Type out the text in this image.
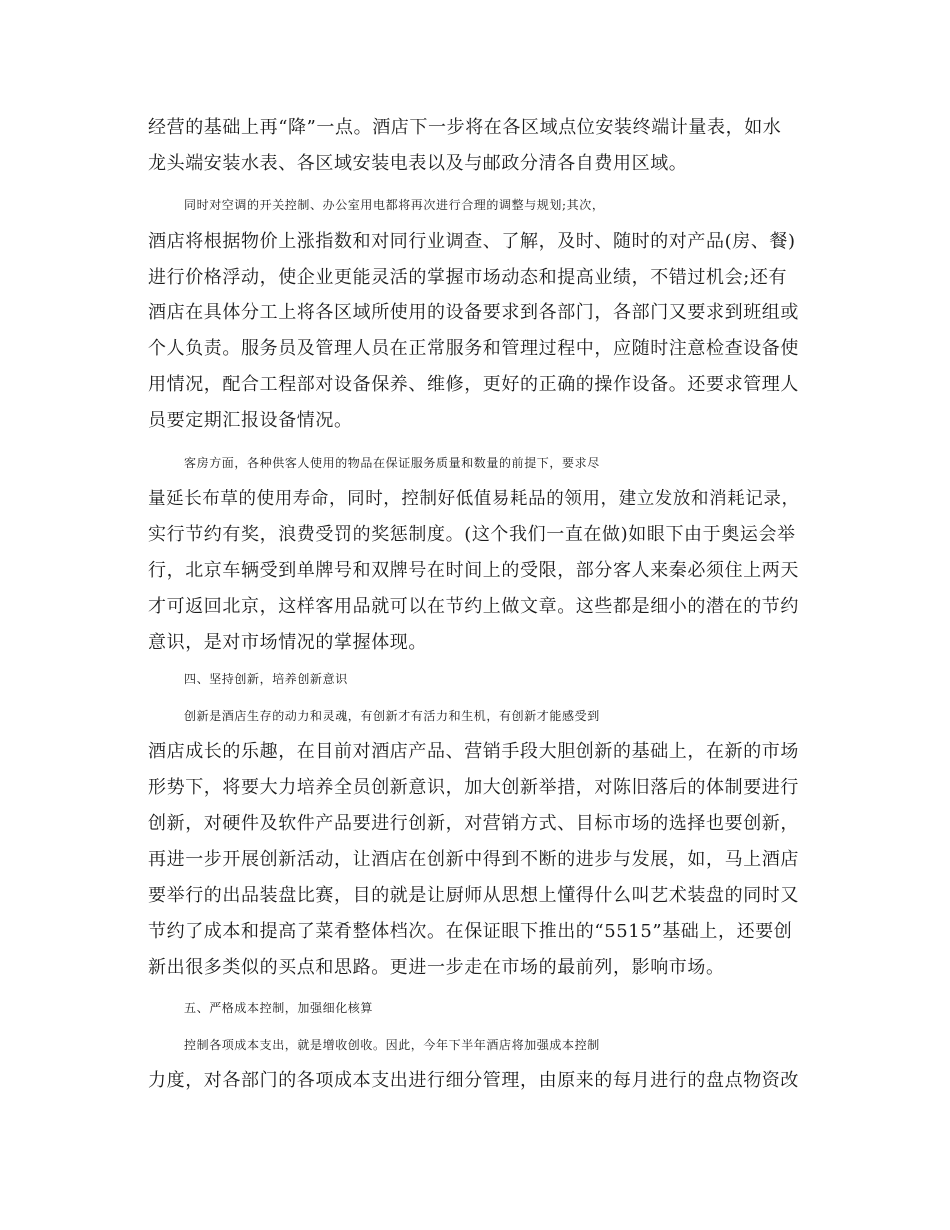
经营的基础上再“降”一点。酒店下一步将在各区域点位安装终端计量表，如水
龙头端安装水表、各区域安装电表以及与邮政分清各自费用区域。
同时对空调的开关控制、办公室用电都将再次进行合理的调整与规划;其次，
酒店将根据物价上涨指数和对同行业调查、了解，及时、随时的对产品(房、餐)
进行价格浮动，使企业更能灵活的掌握市场动态和提高业绩，不错过机会;还有
酒店在具体分工上将各区域所使用的设备要求到各部门，各部门又要求到班组或
个人负责。服务员及管理人员在正常服务和管理过程中，应随时注意检查设备使
用情况，配合工程部对设备保养、维修，更好的正确的操作设备。还要求管理人
员要定期汇报设备情况。
客房方面，各种供客人使用的物品在保证服务质量和数量的前提下，要求尽
量延长布草的使用寿命，同时，控制好低值易耗品的领用，建立发放和消耗记录，
实行节约有奖，浪费受罚的奖惩制度。(这个我们一直在做)如眼下由于奥运会举
行，北京车辆受到单牌号和双牌号在时间上的受限，部分客人来秦必须住上两天
才可返回北京，这样客用品就可以在节约上做文章。这些都是细小的潜在的节约
意识，是对市场情况的掌握体现。
四、坚持创新，培养创新意识
创新是酒店生存的动力和灵魂，有创新才有活力和生机，有创新才能感受到
酒店成长的乐趣，在目前对酒店产品、营销手段大胆创新的基础上，在新的市场
形势下，将要大力培养全员创新意识，加大创新举措，对陈旧落后的体制要进行
创新，对硬件及软件产品要进行创新，对营销方式、目标市场的选择也要创新，
再进一步开展创新活动，让酒店在创新中得到不断的进步与发展，如，马上酒店
要举行的出品装盘比赛，目的就是让厨师从思想上懂得什么叫艺术装盘的同时又
节约了成本和提高了菜肴整体档次。在保证眼下推出的“5515”基础上，还要创
新出很多类似的买点和思路。更进一步走在市场的最前列，影响市场。
五、严格成本控制，加强细化核算
控制各项成本支出，就是增收创收。因此，今年下半年酒店将加强成本控制
力度，对各部门的各项成本支出进行细分管理，由原来的每月进行的盘点物资改
